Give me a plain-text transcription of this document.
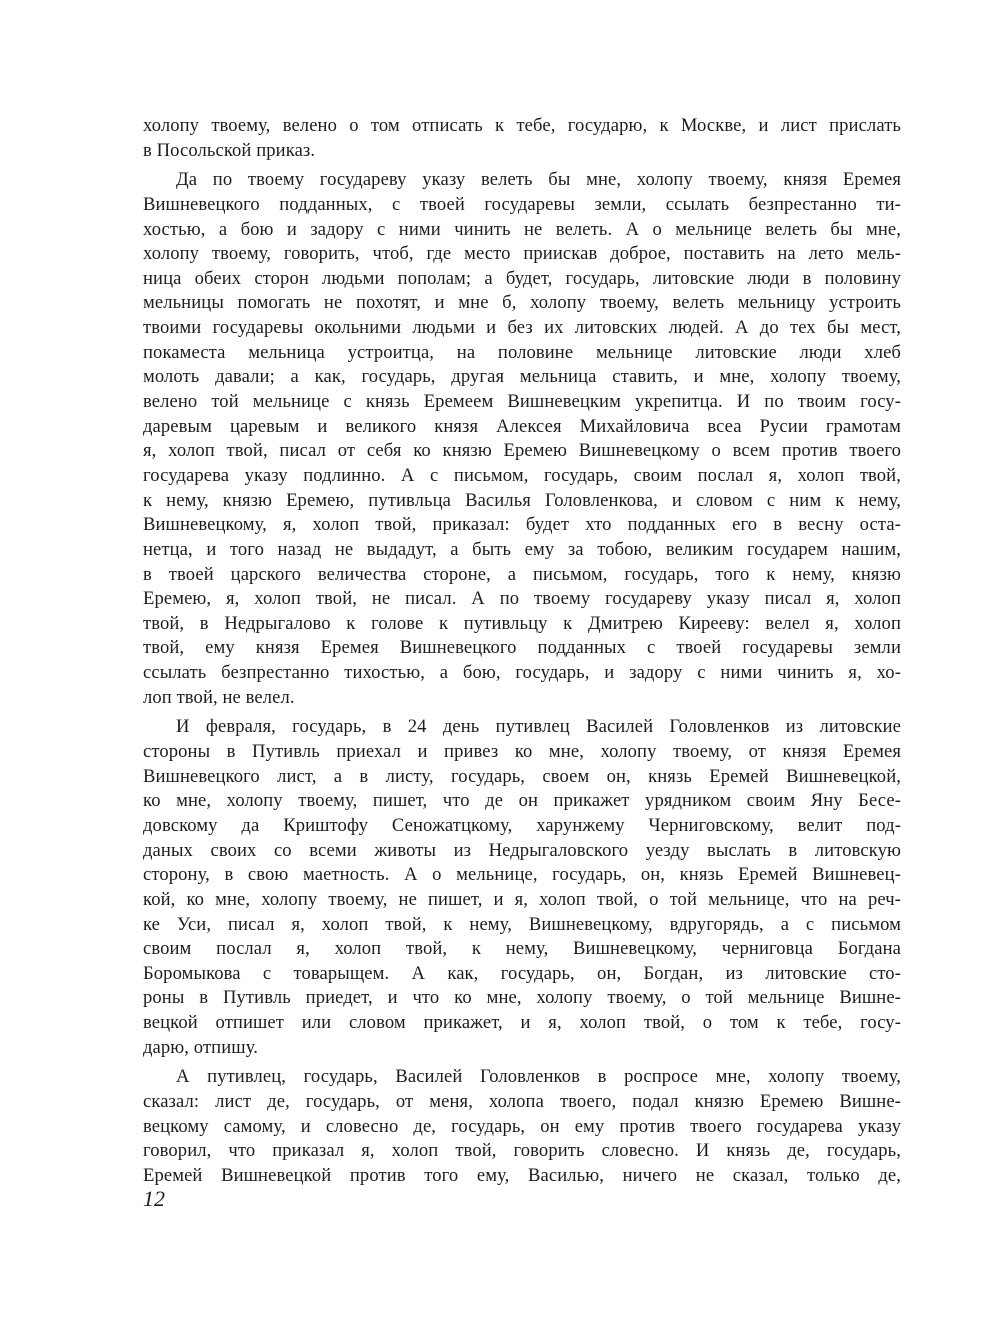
холопу твоему, велено о том отписать к тебе, государю, к Москве, и лист прислать
в Посольской приказ.
Да по твоему государеву указу велеть бы мне, холопу твоему, князя Еремея
Вишневецкого подданных, с твоей государевы земли, ссылать безпрестанно ти-
хостью, а бою и задору с ними чинить не велеть. А о мельнице велеть бы мне,
холопу твоему, говорить, чтоб, где место приискав доброе, поставить на лето мель-
ница обеих сторон людьми пополам; а будет, государь, литовские люди в половину
мельницы помогать не похотят, и мне б, холопу твоему, велеть мельницу устроить
твоими государевы окольними людьми и без их литовских людей. А до тех бы мест,
покаместа мельница устроитца, на половине мельнице литовские люди хлеб
молоть давали; а как, государь, другая мельница ставить, и мне, холопу твоему,
велено той мельнице с князь Еремеем Вишневецким укрепитца. И по твоим госу-
даревым царевым и великого князя Алексея Михайловича всеа Русии грамотам
я, холоп твой, писал от себя ко князю Еремею Вишневецкому о всем против твоего
государева указу подлинно. А с письмом, государь, своим послал я, холоп твой,
к нему, князю Еремею, путивльца Василья Головленкова, и словом с ним к нему,
Вишневецкому, я, холоп твой, приказал: будет хто подданных его в весну оста-
нетца, и того назад не выдадут, а быть ему за тобою, великим государем нашим,
в твоей царского величества стороне, а письмом, государь, того к нему, князю
Еремею, я, холоп твой, не писал. А по твоему государеву указу писал я, холоп
твой, в Недрыгалово к голове к путивльцу к Дмитрею Кирееву: велел я, холоп
твой, ему князя Еремея Вишневецкого подданных с твоей государевы земли
ссылать безпрестанно тихостью, а бою, государь, и задору с ними чинить я, хо-
лоп твой, не велел.
И февраля, государь, в 24 день путивлец Василей Головленков из литовские
стороны в Путивль приехал и привез ко мне, холопу твоему, от князя Еремея
Вишневецкого лист, а в листу, государь, своем он, князь Еремей Вишневецкой,
ко мне, холопу твоему, пишет, что де он прикажет урядником своим Яну Бесе-
довскому да Криштофу Сеножатцкому, харунжему Черниговскому, велит под-
даных своих со всеми животы из Недрыгаловского уезду выслать в литовскую
сторону, в свою маетность. А о мельнице, государь, он, князь Еремей Вишневец-
кой, ко мне, холопу твоему, не пишет, и я, холоп твой, о той мельнице, что на реч-
ке Уси, писал я, холоп твой, к нему, Вишневецкому, вдругорядь, а с письмом
своим послал я, холоп твой, к нему, Вишневецкому, черниговца Богдана
Боромыкова с товарыщем. А как, государь, он, Богдан, из литовские сто-
роны в Путивль приедет, и что ко мне, холопу твоему, о той мельнице Вишне-
вецкой отпишет или словом прикажет, и я, холоп твой, о том к тебе, госу-
дарю, отпишу.
А путивлец, государь, Василей Головленков в роспросе мне, холопу твоему,
сказал: лист де, государь, от меня, холопа твоего, подал князю Еремею Вишне-
вецкому самому, и словесно де, государь, он ему против твоего государева указу
говорил, что приказал я, холоп твой, говорить словесно. И князь де, государь,
Еремей Вишневецкой против того ему, Василью, ничего не сказал, только де,
12
